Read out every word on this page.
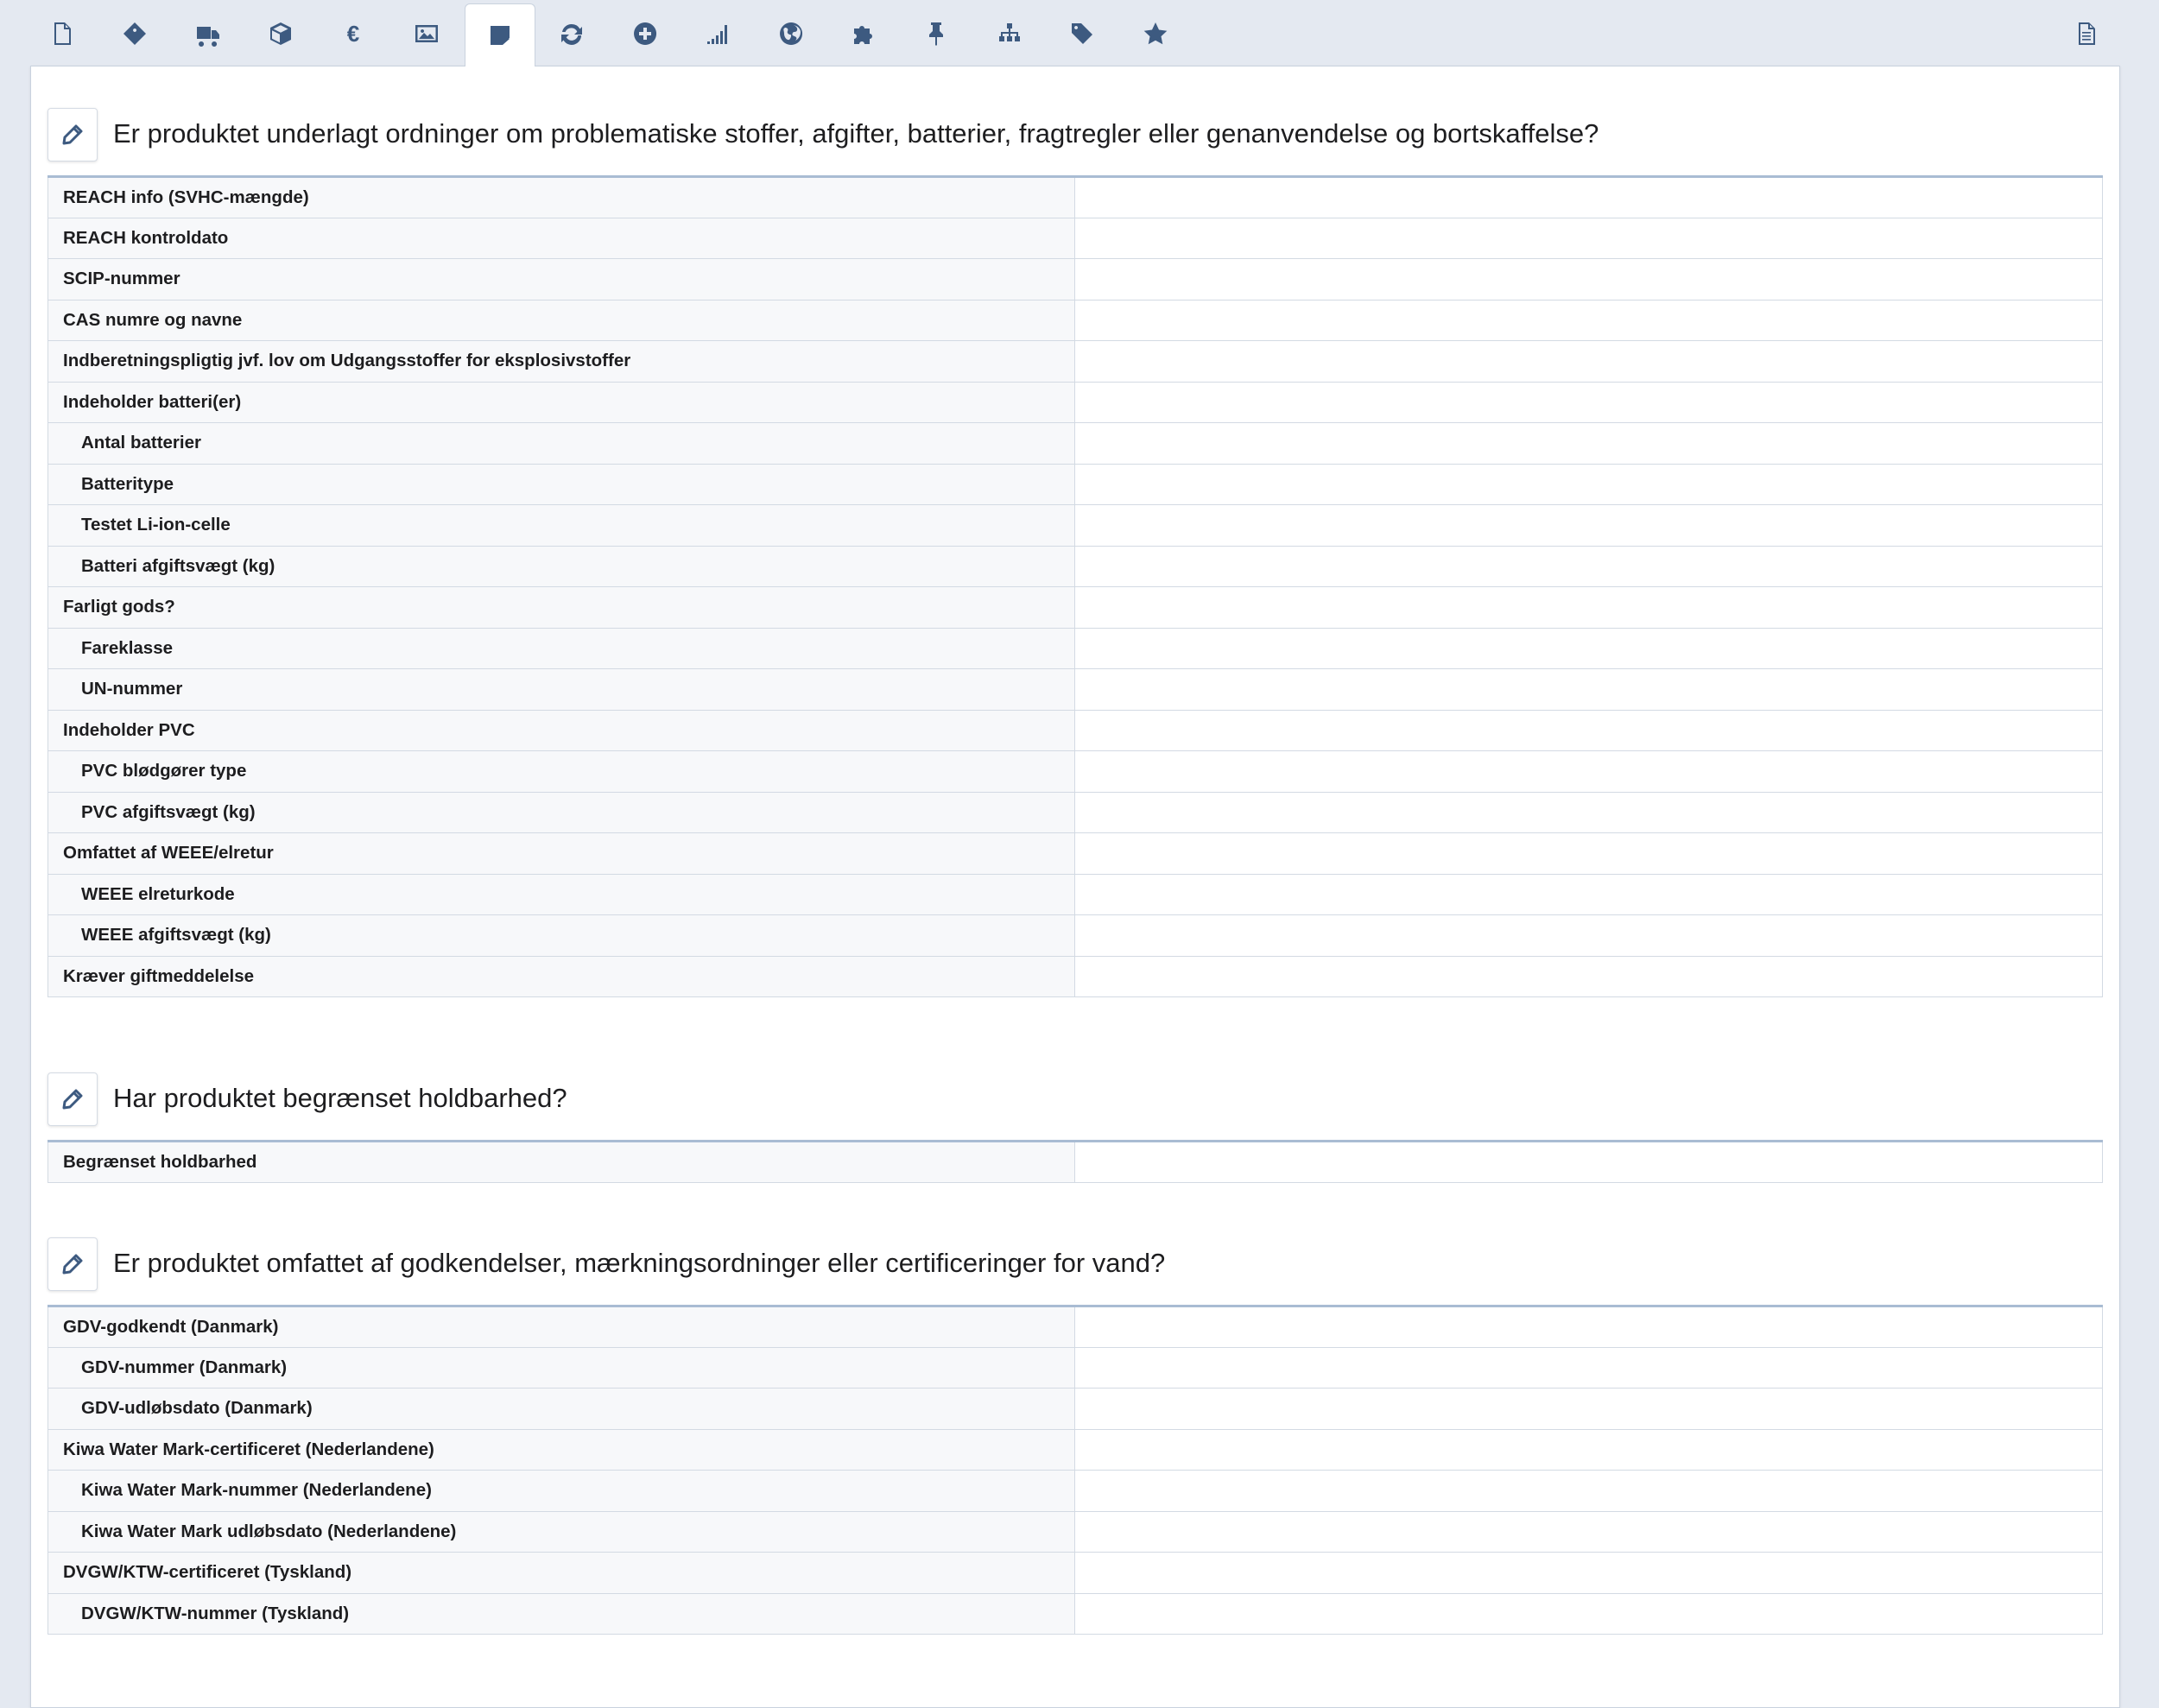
€
Er produktet underlagt ordninger om problematiske stoffer, afgifter, batterier, fragtregler eller genanvendelse og bortskaffelse?
REACH info (SVHC-mængde)	
REACH kontroldato	
SCIP-nummer	
CAS numre og navne	
Indberetningspligtig jvf. lov om Udgangsstoffer for eksplosivstoffer	
Indeholder batteri(er)	
Antal batterier	
Batteritype	
Testet Li-ion-celle	
Batteri afgiftsvægt (kg)	
Farligt gods?	
Fareklasse	
UN-nummer	
Indeholder PVC	
PVC blødgører type	
PVC afgiftsvægt (kg)	
Omfattet af WEEE/elretur	
WEEE elreturkode	
WEEE afgiftsvægt (kg)	
Kræver giftmeddelelse	
Har produktet begrænset holdbarhed?
Begrænset holdbarhed	
Er produktet omfattet af godkendelser, mærkningsordninger eller certificeringer for vand?
GDV-godkendt (Danmark)	
GDV-nummer (Danmark)	
GDV-udløbsdato (Danmark)	
Kiwa Water Mark-certificeret (Nederlandene)	
Kiwa Water Mark-nummer (Nederlandene)	
Kiwa Water Mark udløbsdato (Nederlandene)	
DVGW/KTW-certificeret (Tyskland)	
DVGW/KTW-nummer (Tyskland)	
